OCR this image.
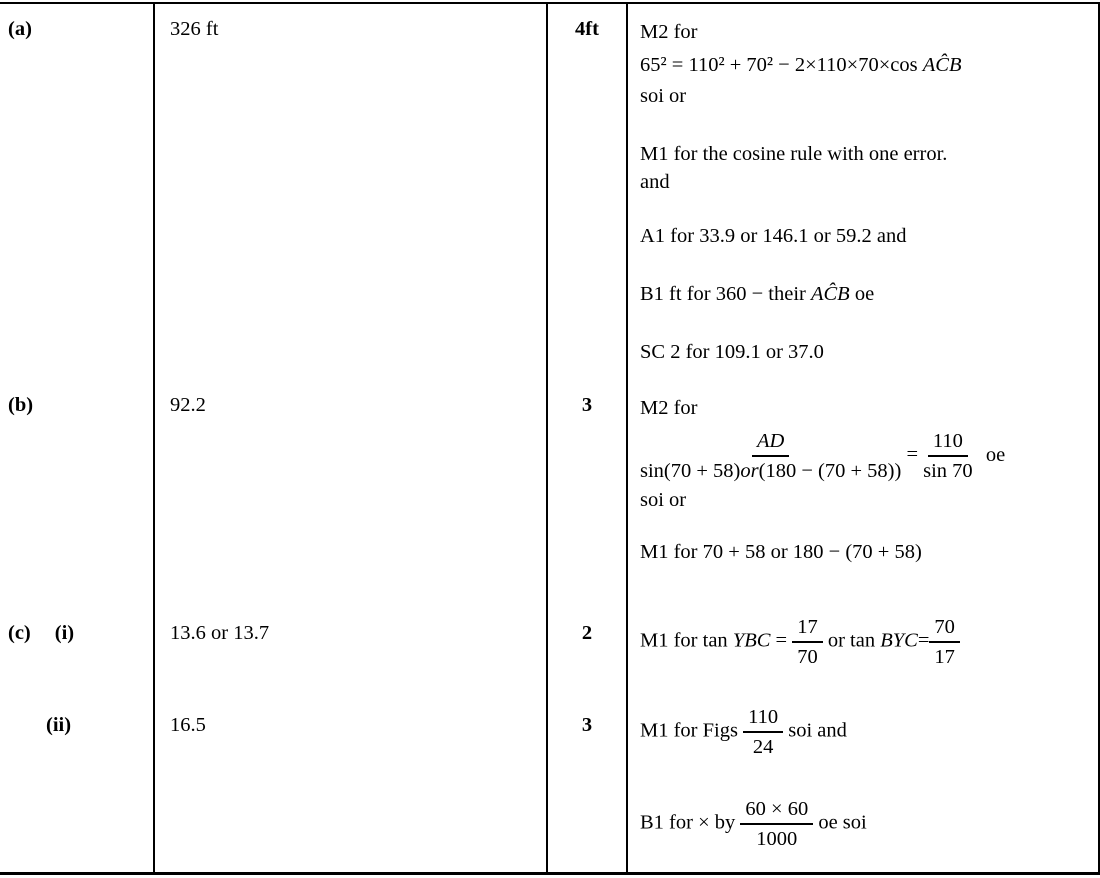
(a)	326 ft	4ft	M2 for
65² = 110² + 70² − 2×110×70×cos AĈB
soi or
M1 for the cosine rule with one error.
and
A1 for 33.9 or 146.1 or 59.2 and
B1 ft for 360 − their AĈB oe
SC 2 for 109.1 or 37.0
(b)	92.2	3	M2 for
$\frac{AD}{\sin(70 + 58)or(180 - (70 + 58))} = \frac{110}{\sin 70}$ oe
soi or
M1 for 70 + 58 or 180 − (70 + 58)
(c) (i)	13.6 or 13.7	2	M1 for tan YBC = $\frac{17}{70}$ or $\tan BYC= \frac{70}{17}$
(ii)	16.5	3	M1 for Figs $\frac{110}{24}$ soi and
B1 for × by $\frac{60 \times 60}{1000}$ oe soi
